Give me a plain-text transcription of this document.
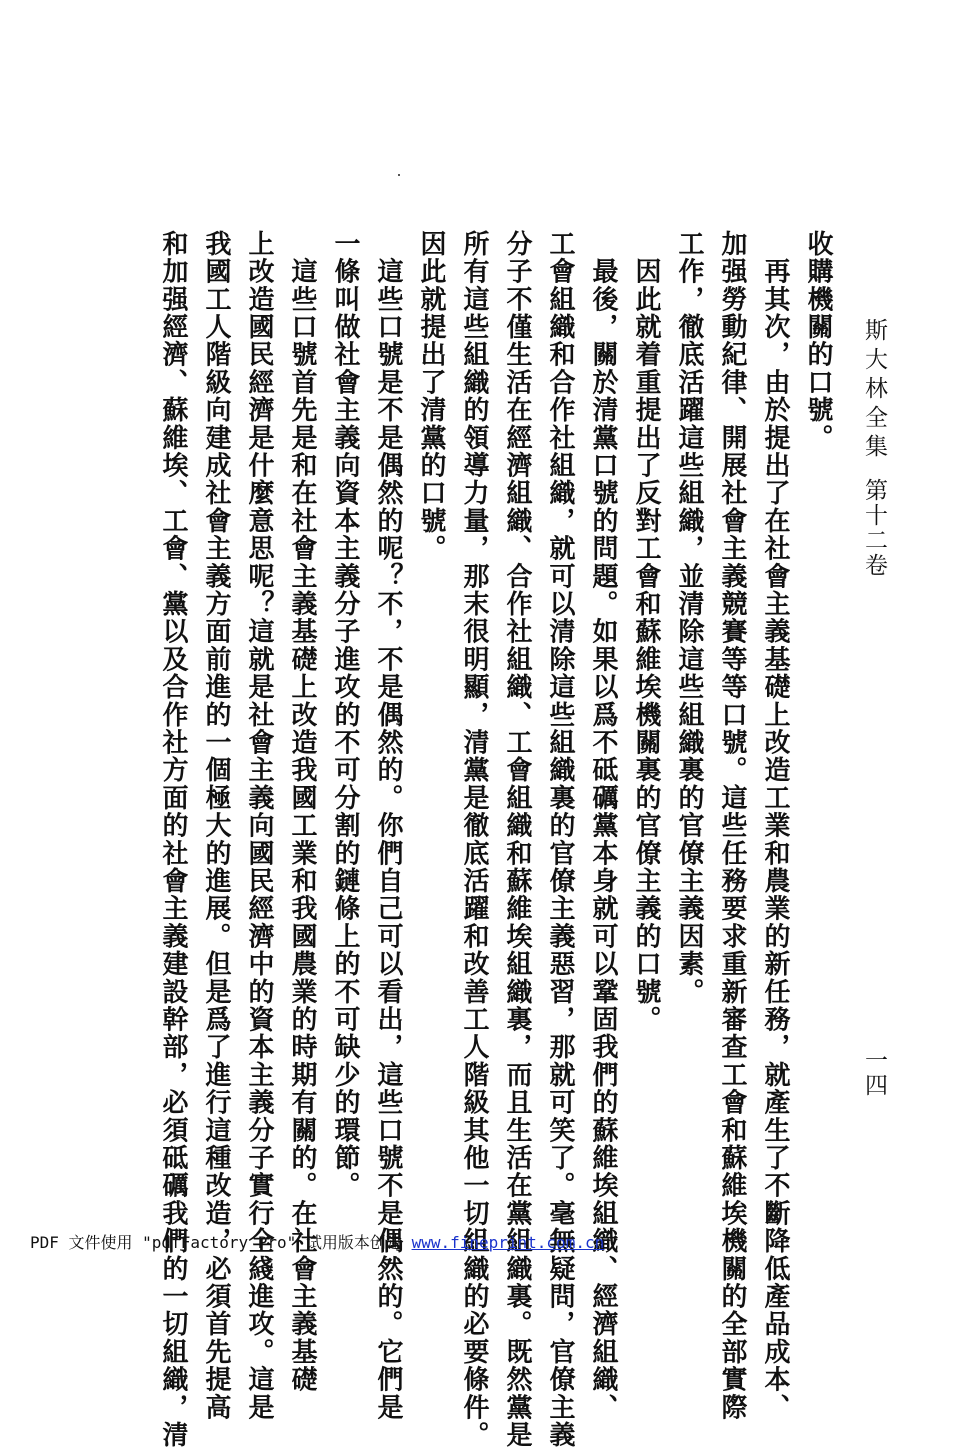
斯大林全集
第十二卷
一四
收購機關的口號。
　再其次，由於提出了在社會主義基礎上改造工業和農業的新任務，就產生了不斷降低產品成本、
加强勞動紀律、開展社會主義競賽等等口號。這些任務要求重新審查工會和蘇維埃機關的全部實際
工作，徹底活躍這些組織，並清除這些組織裏的官僚主義因素。
　因此就着重提出了反對工會和蘇維埃機關裏的官僚主義的口號。
　最後，關於清黨口號的問題。如果以爲不砥礪黨本身就可以鞏固我們的蘇維埃組織、經濟組織、
工會組織和合作社組織，就可以清除這些組織裏的官僚主義惡習，那就可笑了。毫無疑問，官僚主義
分子不僅生活在經濟組織、合作社組織、工會組織和蘇維埃組織裏，而且生活在黨組織裏。既然黨是
所有這些組織的領導力量，那末很明顯，清黨是徹底活躍和改善工人階級其他一切組織的必要條件。
因此就提出了清黨的口號。
　這些口號是不是偶然的呢？不，不是偶然的。你們自己可以看出，這些口號不是偶然的。它們是
一條叫做社會主義向資本主義分子進攻的不可分割的鏈條上的不可缺少的環節。
　這些口號首先是和在社會主義基礎上改造我國工業和我國農業的時期有關的。在社會主義基礎
上改造國民經濟是什麼意思呢？這就是社會主義向國民經濟中的資本主義分子實行全綫進攻。這是
我國工人階級向建成社會主義方面前進的一個極大的進展。但是爲了進行這種改造，必須首先提高
和加强經濟、蘇維埃、工會、黨以及合作社方面的社會主義建設幹部，必須砥礪我們的一切組織，清
PDF 文件使用 "pdfFactory Pro" 试用版本创建 www.fineprint.com.cn
